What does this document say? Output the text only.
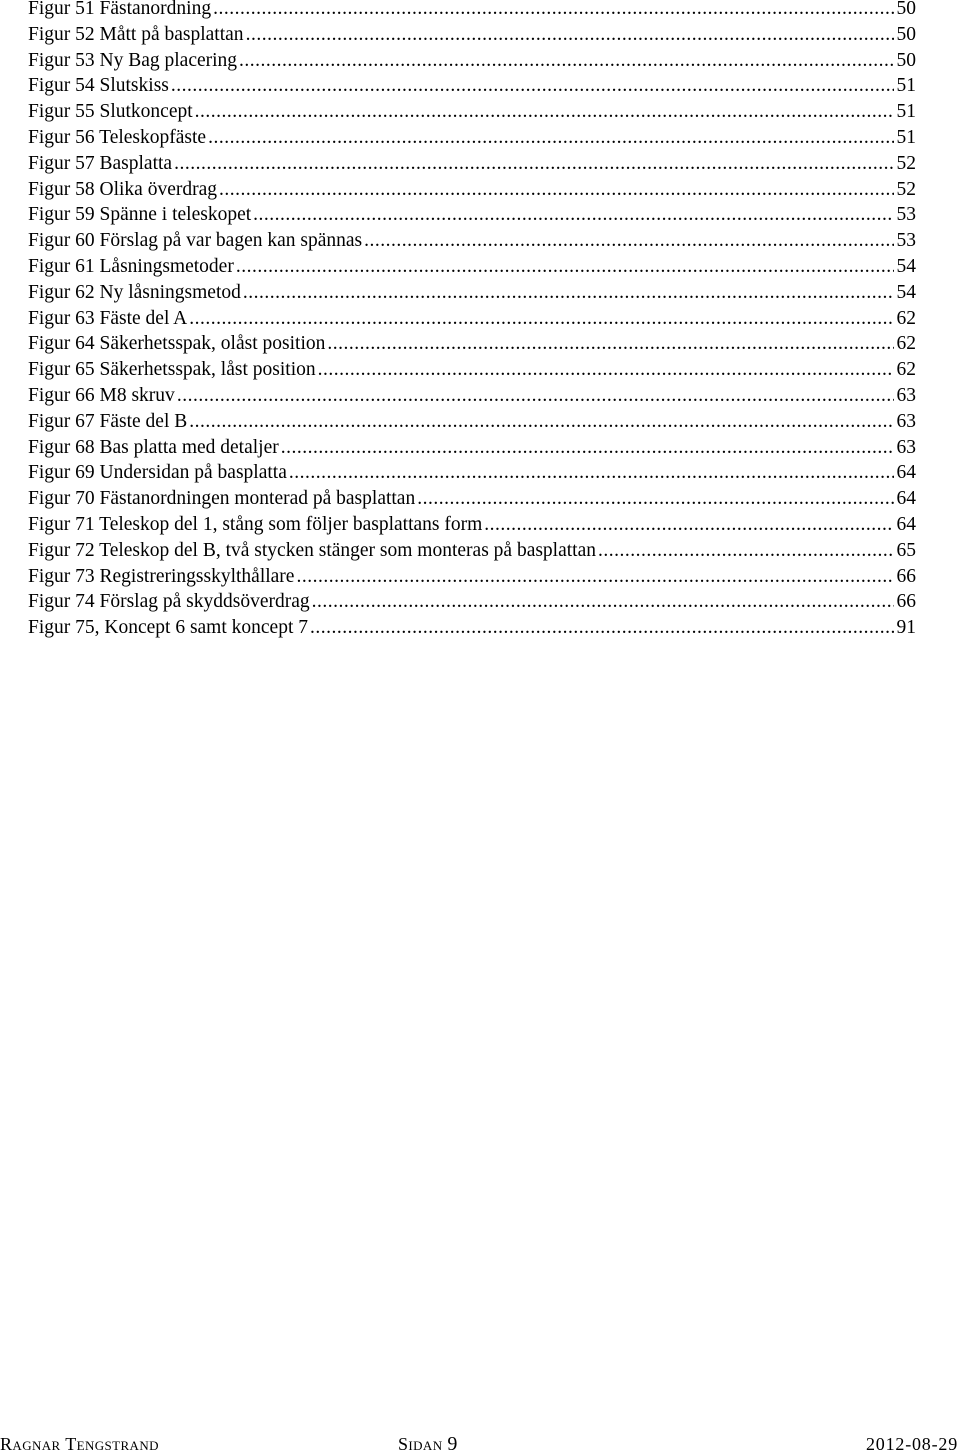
Figur 51 Fästanordning .....	50
Figur 52 Mått på basplattan .....	50
Figur 53 Ny Bag placering .....	50
Figur 54 Slutskiss .....	51
Figur 55 Slutkoncept .....	51
Figur 56 Teleskopfäste .....	51
Figur 57 Basplatta .....	52
Figur 58 Olika överdrag .....	52
Figur 59 Spänne i teleskopet .....	53
Figur 60 Förslag på var bagen kan spännas .....	53
Figur 61 Låsningsmetoder .....	54
Figur 62 Ny låsningsmetod .....	54
Figur 63 Fäste del A .....	62
Figur 64 Säkerhetsspak, olåst position .....	62
Figur 65 Säkerhetsspak, låst position .....	62
Figur 66 M8 skruv .....	63
Figur 67 Fäste del B .....	63
Figur 68 Bas platta med detaljer .....	63
Figur 69 Undersidan på basplatta .....	64
Figur 70 Fästanordningen monterad på basplattan .....	64
Figur 71 Teleskop del 1, stång som följer basplattans form .....	64
Figur 72 Teleskop del B, två stycken stänger som monteras på basplattan .....	65
Figur 73 Registreringsskylthållare .....	66
Figur 74 Förslag på skyddsöverdrag .....	66
Figur 75, Koncept 6 samt koncept 7 .....	91
Ragnar Tengstrand	Sidan 9	2012-08-29
